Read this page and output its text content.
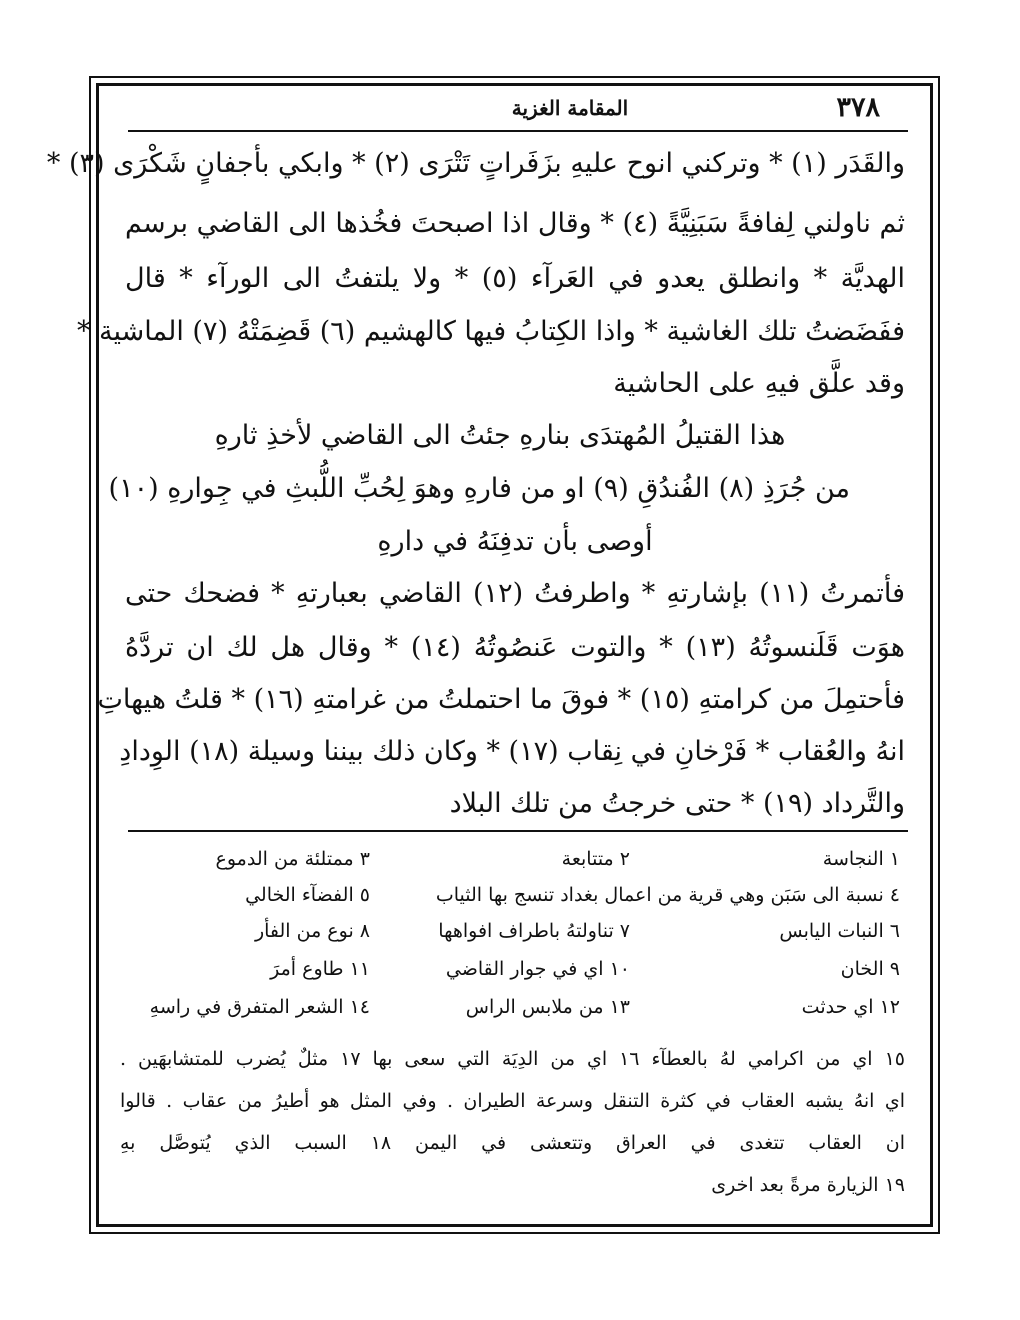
٣٧٨
المقامة الغزية
والقَدَر (١) * وتركني انوح عليهِ بزَفَراتٍ تَتْرَى (٢) * وابكي بأجفانٍ شَكْرَى (٣) *
ثم ناولني لِفافةً سَبَنِيَّةً (٤) * وقال اذا اصبحتَ فخُذها الى القاضي برسم
الهديَّة * وانطلق يعدو في العَرآء (٥) * ولا يلتفتُ الى الورآء * قال
ففَضَضتُ تلك الغاشية * واذا الكِتابُ فيها كالهشيم (٦) قَضِمَتْهُ (٧) الماشية *
وقد علَّق فيهِ على الحاشية
هذا القتيلُ المُهتدَى بنارهِ جئتُ الى القاضي لأخذِ ثارهِ
من جُرَذِ (٨) الفُندُقِ (٩) او من فارهِ وهوَ لِحُبِّ اللُّبثِ في جِوارهِ (١٠)
أوصى بأن تدفِنَهُ في دارهِ
فأتمرتُ (١١) بإشارتهِ * واطرفتُ (١٢) القاضي بعبارتهِ * فضحك حتى
هوَت قَلَنسوتُهُ (١٣) * والتوت عَنصُوتُهُ (١٤) * وقال هل لك ان تردَّهُ
فأحتمِلَ من كرامتهِ (١٥) * فوقَ ما احتملتُ من غرامتهِ (١٦) * قلتُ هيهاتِ
انهُ والعُقاب * فَرْخانِ في نِقاب (١٧) * وكان ذلك بيننا وسيلة (١٨) الوِدادِ
والتَّرداد (١٩) * حتى خرجتُ من تلك البلاد
١ النجاسة
٢ متتابعة
٣ ممتلئة من الدموع
٤ نسبة الى سَبَن وهي قرية من اعمال بغداد تنسج بها الثياب
٥ الفضآء الخالي
٦ النبات اليابس
٧ تناولتهُ باطراف افواهها
٨ نوع من الفأر
٩ الخان
١٠ اي في جوار القاضي
١١ طاوع أمرَ
١٢ اي حدثت
١٣ من ملابس الراس
١٤ الشعر المتفرق في راسهِ
١٥ اي من اكرامي لهُ بالعطآء ١٦ اي من الدِيَة التي سعى بها ١٧ مثلٌ يُضرب للمتشابهَين .
اي انهُ يشبه العقاب في كثرة التنقل وسرعة الطيران . وفي المثل هو أطيرُ من عقاب . قالوا
ان العقاب تتغدى في العراق وتتعشى في اليمن ١٨ السبب الذي يُتوصَّل بهِ
١٩ الزيارة مرةً بعد اخرى
